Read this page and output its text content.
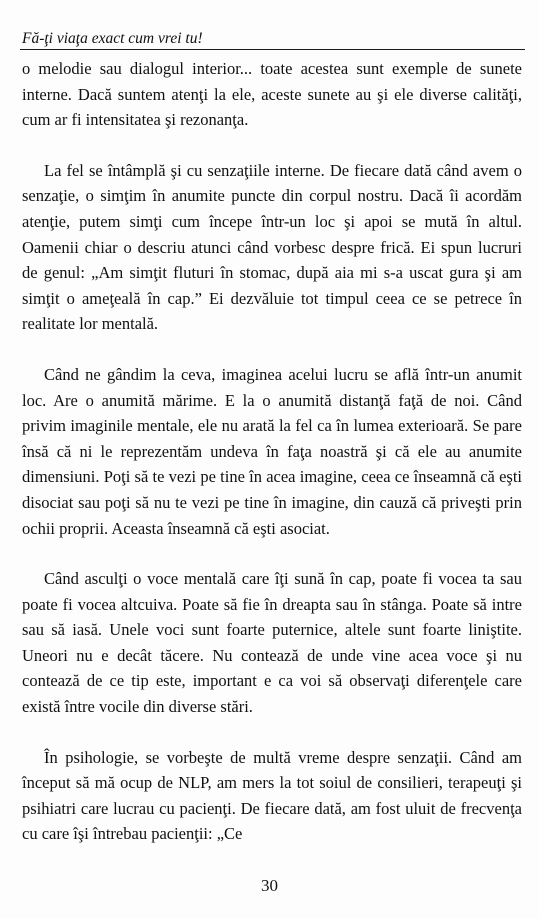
Fă-ţi viaţa exact cum vrei tu!

o melodie sau dialogul interior... toate acestea sunt exemple de sunete interne. Dacă suntem atenţi la ele, aceste sunete au şi ele diverse calităţi, cum ar fi intensitatea şi rezonanţa.

La fel se întâmplă şi cu senzaţiile interne. De fiecare dată când avem o senzaţie, o simţim în anumite puncte din corpul nostru. Dacă îi acordăm atenţie, putem simţi cum începe într-un loc şi apoi se mută în altul. Oamenii chiar o descriu atunci când vorbesc despre frică. Ei spun lucruri de genul: „Am simţit fluturi în stomac, după aia mi s-a uscat gura şi am simţit o ameţeală în cap.” Ei dezvăluie tot timpul ceea ce se petrece în realitate lor mentală.

Când ne gândim la ceva, imaginea acelui lucru se află într-un anumit loc. Are o anumită mărime. E la o anumită distanţă faţă de noi. Când privim imaginile mentale, ele nu arată la fel ca în lumea exterioară. Se pare însă că ni le reprezentăm undeva în faţa noastră şi că ele au anumite dimensiuni. Poţi să te vezi pe tine în acea imagine, ceea ce înseamnă că eşti disociat sau poţi să nu te vezi pe tine în imagine, din cauză că priveşti prin ochii proprii. Aceasta înseamnă că eşti asociat.

Când asculţi o voce mentală care îţi sună în cap, poate fi vocea ta sau poate fi vocea altcuiva. Poate să fie în dreapta sau în stânga. Poate să intre sau să iasă. Unele voci sunt foarte puternice, altele sunt foarte liniştite. Uneori nu e decât tăcere. Nu contează de unde vine acea voce şi nu contează de ce tip este, important e ca voi să observaţi diferenţele care există între vocile din diverse stări.

În psihologie, se vorbeşte de multă vreme despre senzaţii. Când am început să mă ocup de NLP, am mers la tot soiul de consilieri, terapeuţi şi psihiatri care lucrau cu pacienţi. De fiecare dată, am fost uluit de frecvenţa cu care îşi întrebau pacienţii: „Ce

30
